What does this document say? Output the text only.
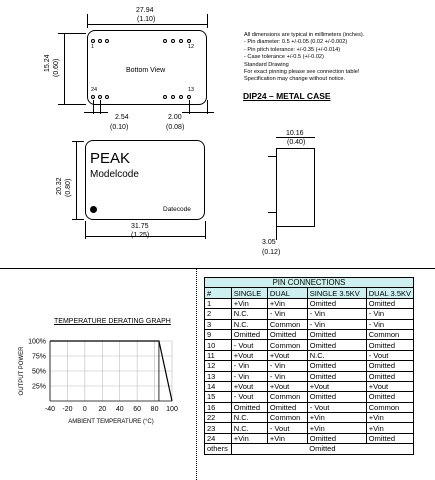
27.94
(1.10)
15.24 (0.60)	Bottom View
1	12
24	13
2.54
(0.10)
2.00
(0.08)
All dimensions are typical in millimeters (inches).
- Pin diameter: 0.5 +/-0.05 (0.02 +/-0.002)
- Pin pitch tolerance: +/-0.35 (+/-0.014)
- Case tolerance +/-0.5 (+/-0.02)
Standard Drawing
For exact pinning please see connection table!
Specification may change without notice.
DIP24 – METAL CASE
PEAK
Modelcode
Datecode
20.32 (0.80)
31.75
(1.25)
10.16
(0.40)
3.05
(0.12)
TEMPERATURE DERATING GRAPH
100%
75%
50%
25%
-40 -20 0 20 40 60 80 100
OUTPUT POWER
AMBIENT TEMPERATURE (°C)
PIN CONNECTIONS				
#	SINGLE	DUAL	SINGLE 3.5KV	DUAL 3.5KV
1	+Vin	+Vin	Omitted	Omitted
2	N.C.	- Vin	- Vin	- Vin
3	N.C.	Common	- Vin	- Vin
9	Omitted	Omitted	Omitted	Common
10	- Vout	Common	Omitted	Omitted
11	+Vout	+Vout	N.C.	- Vout
12	- Vin	- Vin	Omitted	Omitted
13	- Vin	- Vin	Omitted	Omitted
14	+Vout	+Vout	+Vout	+Vout
15	- Vout	Common	Omitted	Omitted
16	Omitted	Omitted	- Vout	Common
22	N.C.	Common	+Vin	+Vin
23	N.C.	- Vout	+Vin	+Vin
24	+Vin	+Vin	Omitted	Omitted
others	Omitted			
